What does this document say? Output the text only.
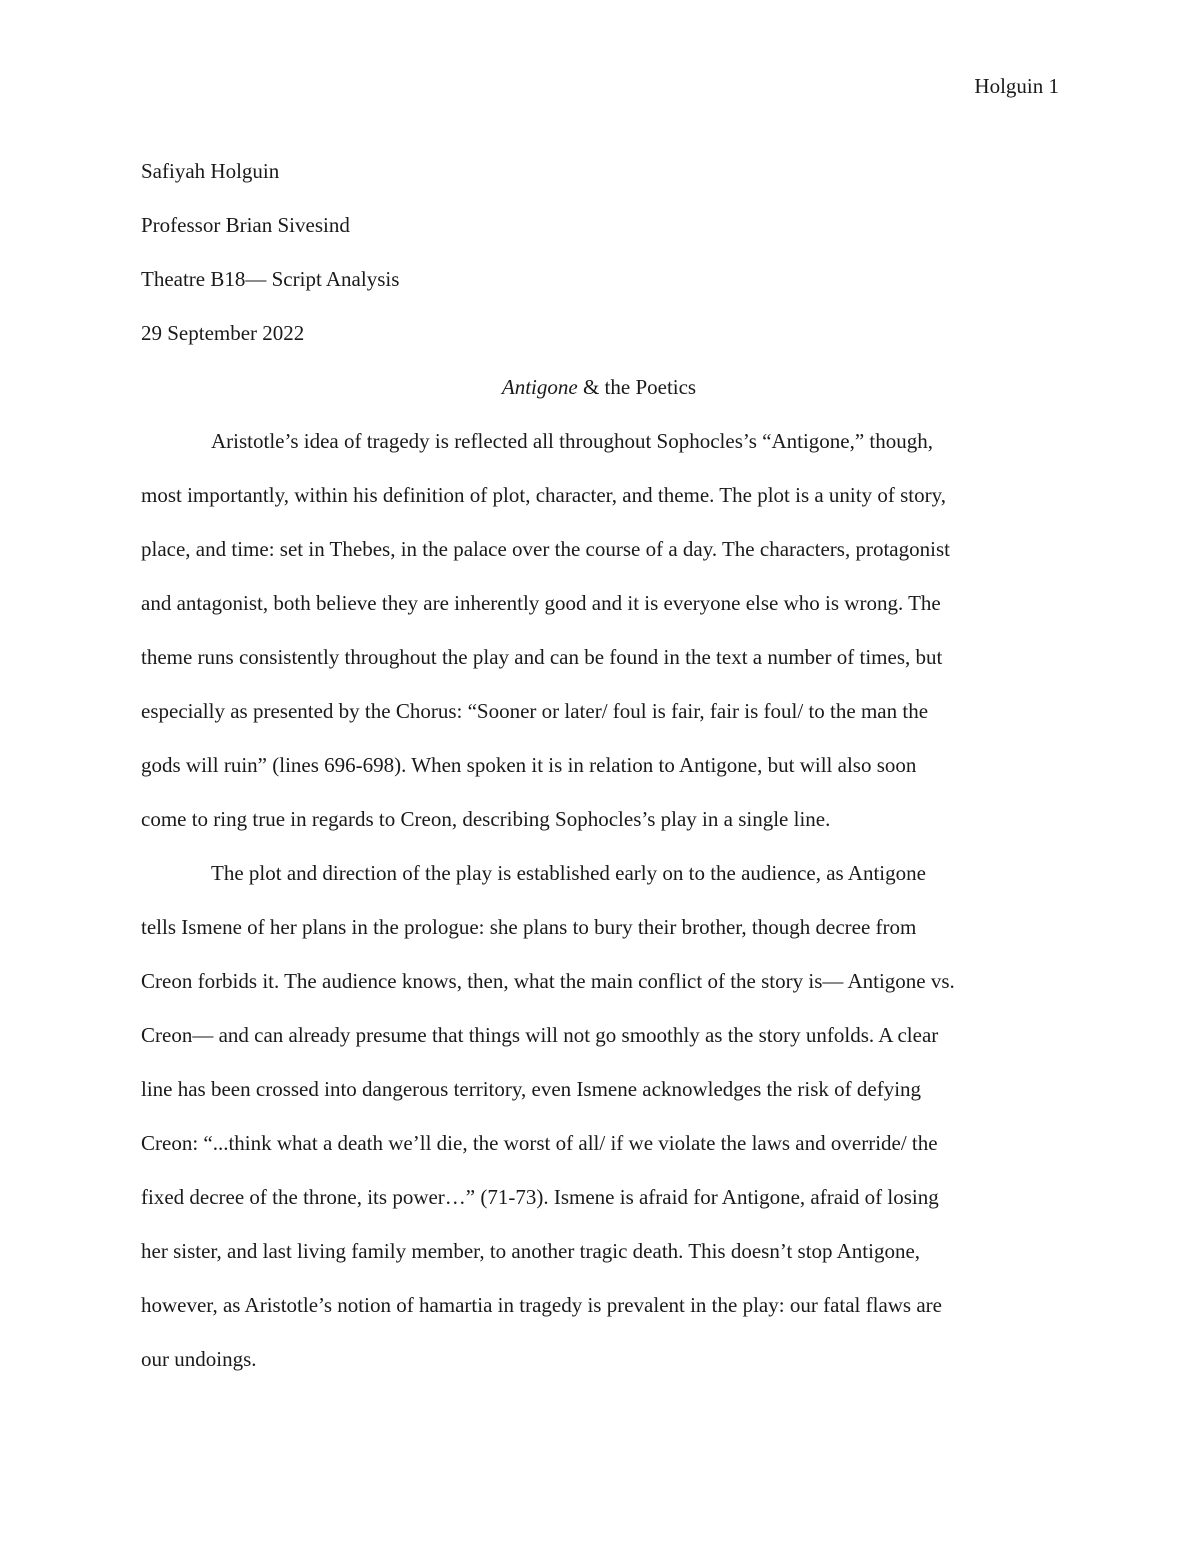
Holguin 1

Safiyah Holguin

Professor Brian Sivesind

Theatre B18— Script Analysis

29 September 2022

Antigone & the Poetics

Aristotle’s idea of tragedy is reflected all throughout Sophocles’s “Antigone,” though,
most importantly, within his definition of plot, character, and theme. The plot is a unity of story,
place, and time: set in Thebes, in the palace over the course of a day. The characters, protagonist
and antagonist, both believe they are inherently good and it is everyone else who is wrong. The
theme runs consistently throughout the play and can be found in the text a number of times, but
especially as presented by the Chorus: “Sooner or later/ foul is fair, fair is foul/ to the man the
gods will ruin” (lines 696-698). When spoken it is in relation to Antigone, but will also soon
come to ring true in regards to Creon, describing Sophocles’s play in a single line.

The plot and direction of the play is established early on to the audience, as Antigone
tells Ismene of her plans in the prologue: she plans to bury their brother, though decree from
Creon forbids it. The audience knows, then, what the main conflict of the story is— Antigone vs.
Creon— and can already presume that things will not go smoothly as the story unfolds. A clear
line has been crossed into dangerous territory, even Ismene acknowledges the risk of defying
Creon: “...think what a death we’ll die, the worst of all/ if we violate the laws and override/ the
fixed decree of the throne, its power…” (71-73). Ismene is afraid for Antigone, afraid of losing
her sister, and last living family member, to another tragic death. This doesn’t stop Antigone,
however, as Aristotle’s notion of hamartia in tragedy is prevalent in the play: our fatal flaws are
our undoings.
